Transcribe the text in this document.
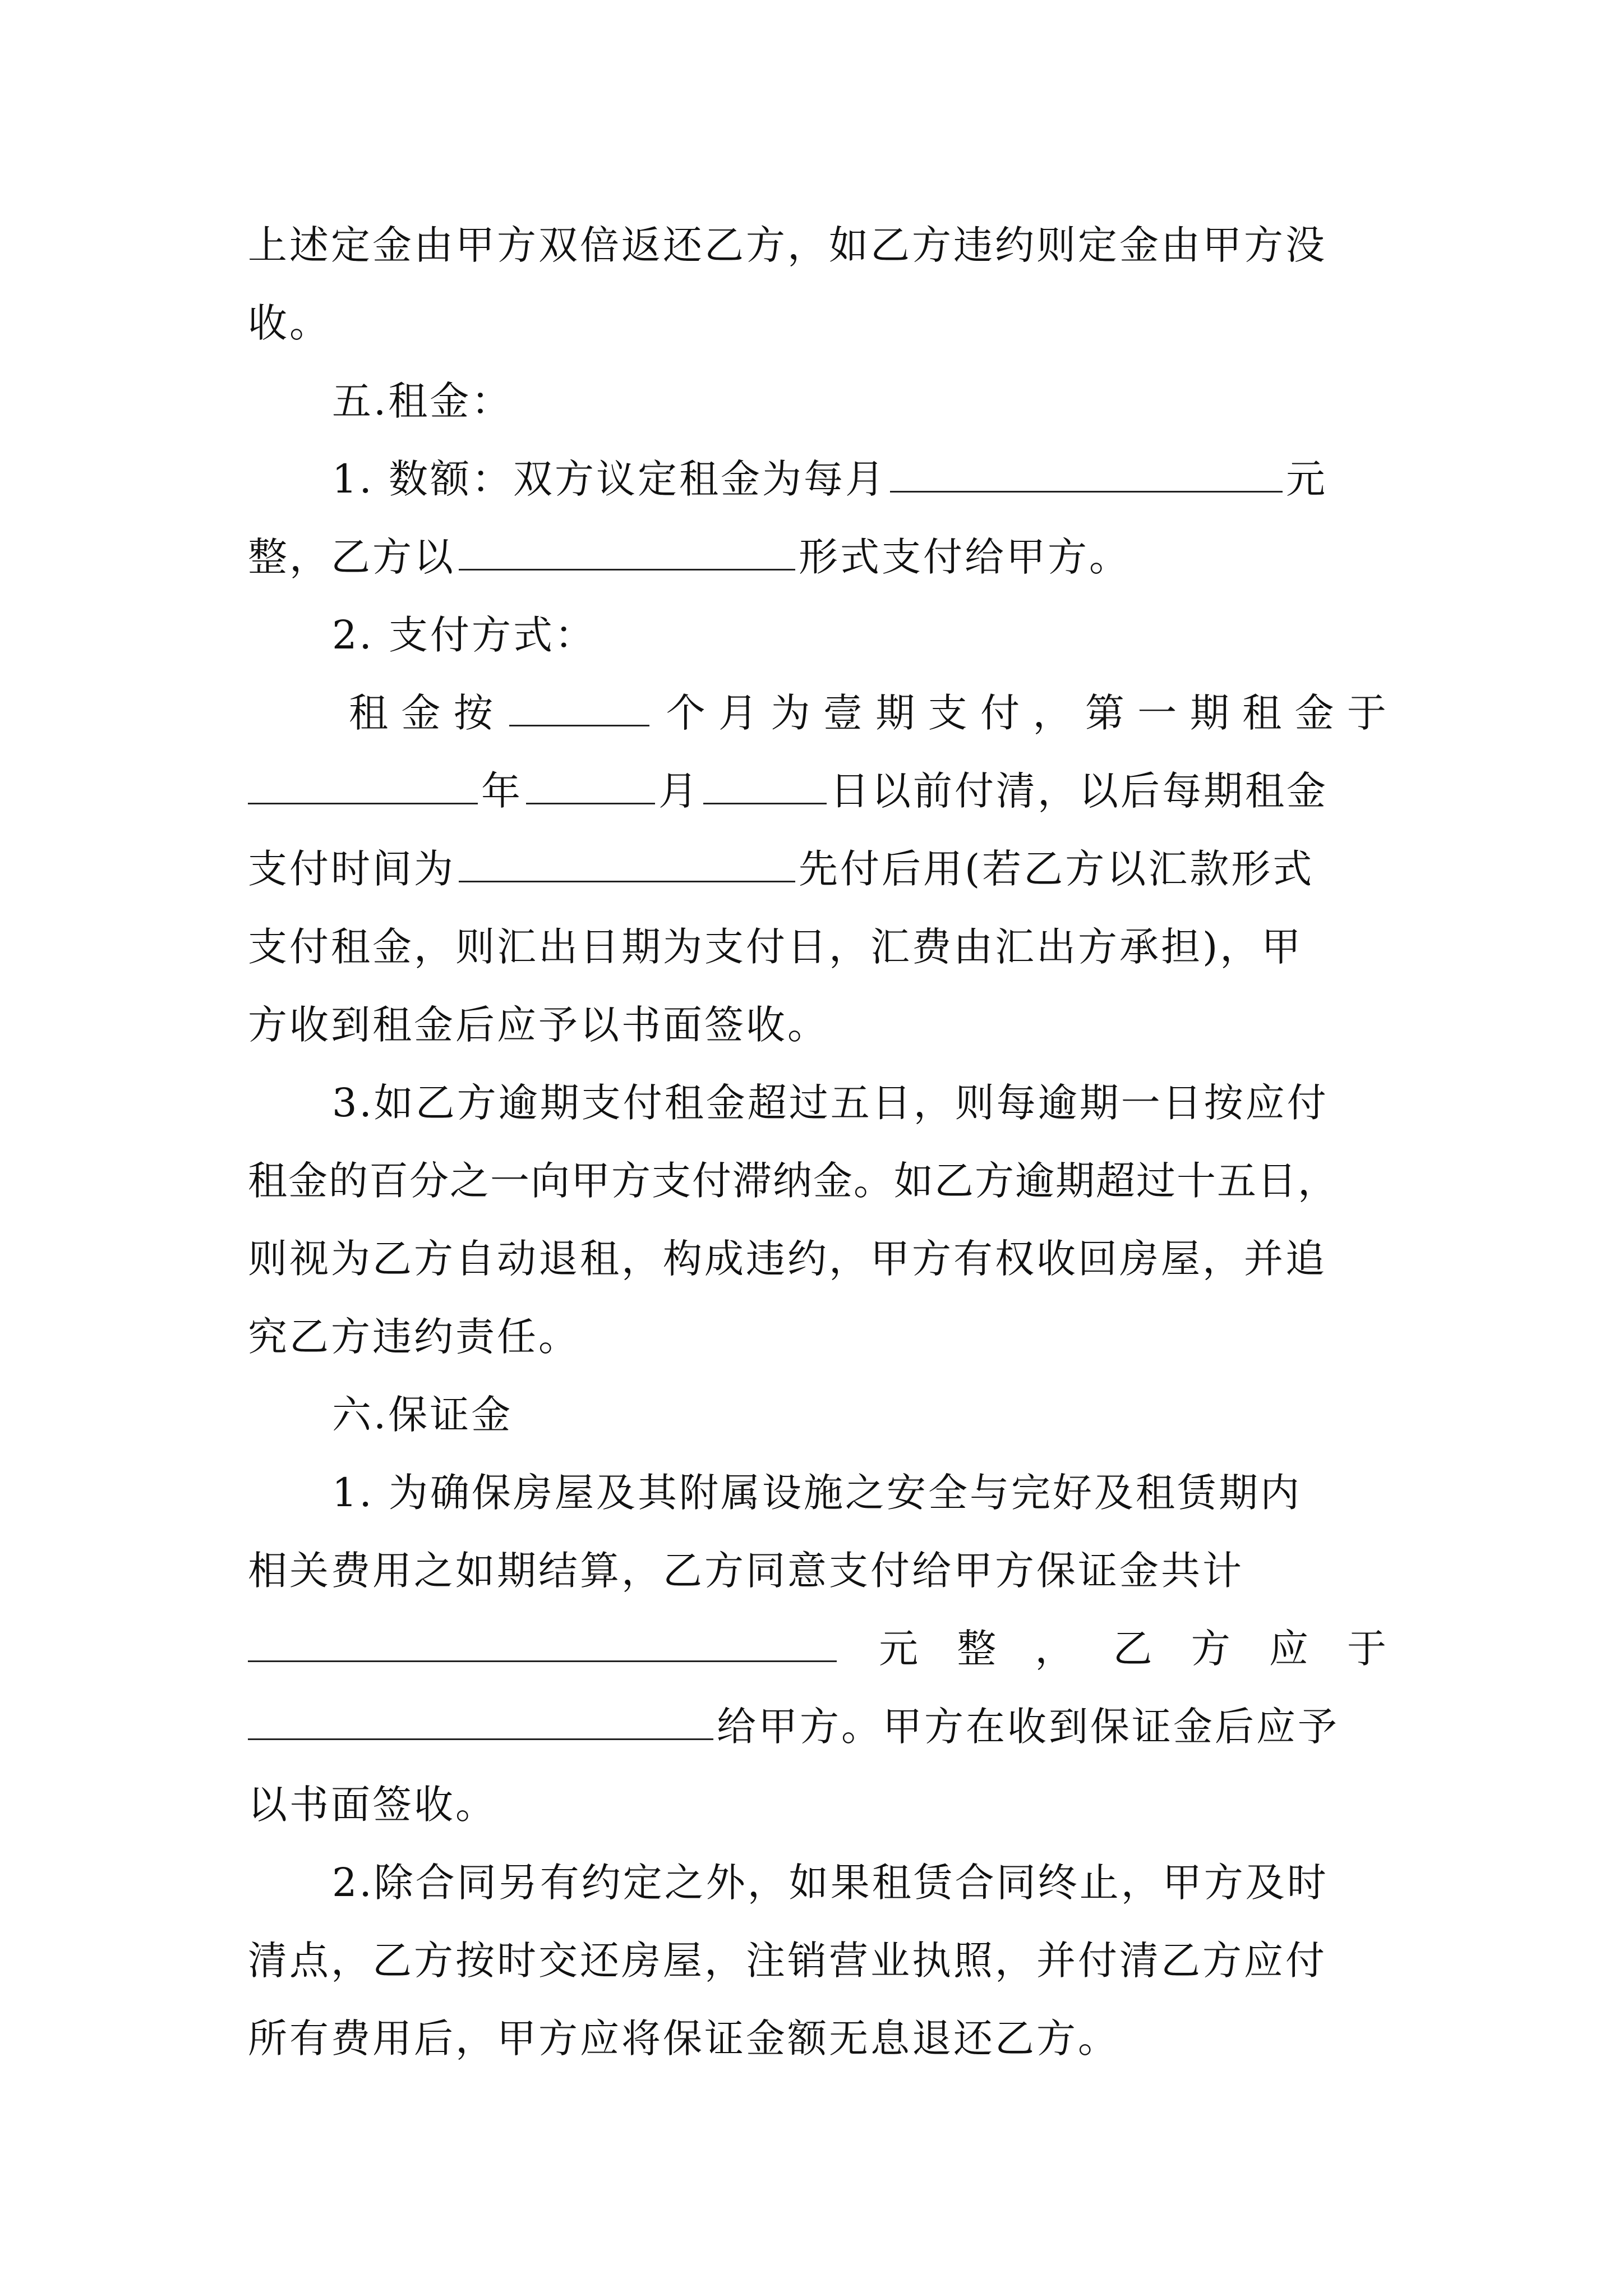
上述定金由甲方双倍返还乙方，如乙方违约则定金由甲方没
收。
五.租金：
1. 数额：双方议定租金为每月	元
整，乙方以	形式支付给甲方。
2. 支付方式：
租 金 按	个 月 为 壹 期 支 付 ， 第 一 期 租 金 于
年	月	日以前付清，以后每期租金
支付时间为	先付后用(若乙方以汇款形式
支付租金，则汇出日期为支付日，汇费由汇出方承担)，甲
方收到租金后应予以书面签收。
3.如乙方逾期支付租金超过五日，则每逾期一日按应付
租金的百分之一向甲方支付滞纳金。如乙方逾期超过十五日，
则视为乙方自动退租，构成违约，甲方有权收回房屋，并追
究乙方违约责任。
六.保证金
1. 为确保房屋及其附属设施之安全与完好及租赁期内
相关费用之如期结算，乙方同意支付给甲方保证金共计
元 整 ， 乙 方 应 于
给甲方。甲方在收到保证金后应予
以书面签收。
2.除合同另有约定之外，如果租赁合同终止，甲方及时
清点，乙方按时交还房屋，注销营业执照，并付清乙方应付
所有费用后，甲方应将保证金额无息退还乙方。
